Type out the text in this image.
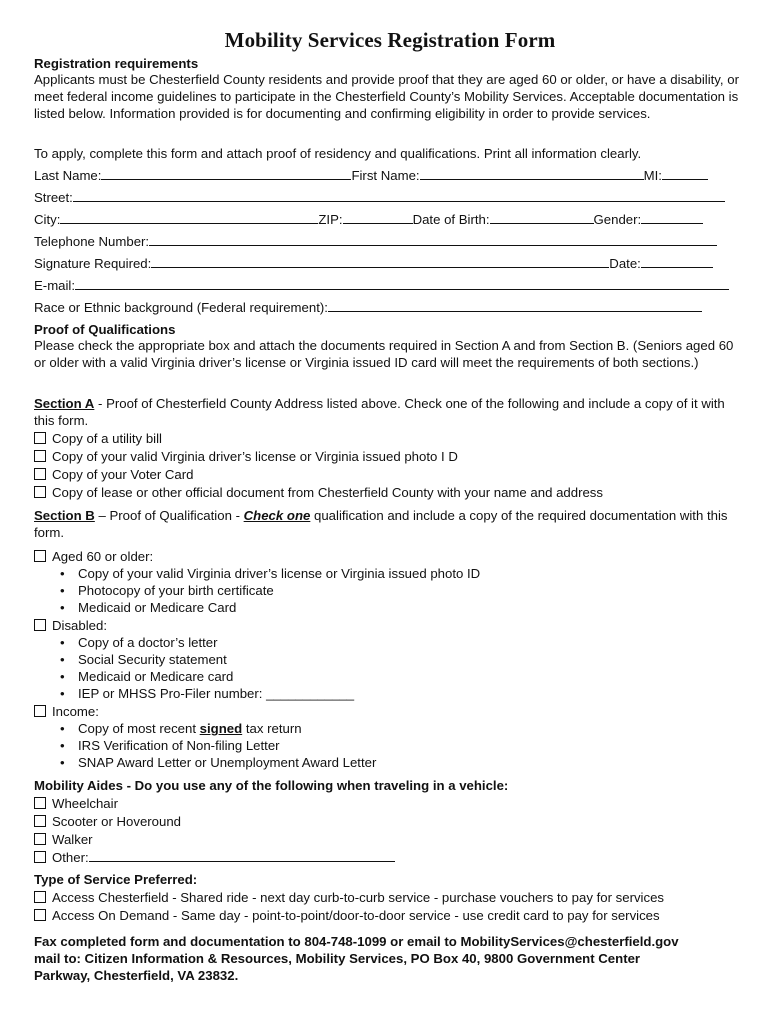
Mobility Services Registration Form
Registration requirements
Applicants must be Chesterfield County residents and provide proof that they are aged 60 or older, or have a disability, or meet federal income guidelines to participate in the Chesterfield County’s Mobility Services. Acceptable documentation is listed below. Information provided is for documenting and confirming eligibility in order to provide services.
To apply, complete this form and attach proof of residency and qualifications. Print all information clearly.
Last Name:	First Name:	MI:
Street:
City:	ZIP:	Date of Birth:	Gender:
Telephone Number:
Signature Required:	Date:
E-mail:
Race or Ethnic background (Federal requirement):
Proof of Qualifications
Please check the appropriate box and attach the documents required in Section A and from Section B. (Seniors aged 60 or older with a valid Virginia driver’s license or Virginia issued ID card will meet the requirements of both sections.)
Section A - Proof of Chesterfield County Address listed above. Check one of the following and include a copy of it with this form.
Copy of a utility bill
Copy of your valid Virginia driver’s license or Virginia issued photo I D
Copy of your Voter Card
Copy of lease or other official document from Chesterfield County with your name and address
Section B – Proof of Qualification - Check one qualification and include a copy of the required documentation with this form.
Aged 60 or older:
• Copy of your valid Virginia driver’s license or Virginia issued photo ID
• Photocopy of your birth certificate
• Medicaid or Medicare Card
Disabled:
• Copy of a doctor’s letter
• Social Security statement
• Medicaid or Medicare card
• IEP or MHSS Pro-Filer number: ____________
Income:
• Copy of most recent signed tax return
• IRS Verification of Non-filing Letter
• SNAP Award Letter or Unemployment Award Letter
Mobility Aides - Do you use any of the following when traveling in a vehicle:
Wheelchair
Scooter or Hoveround
Walker
Other:
Type of Service Preferred:
Access Chesterfield - Shared ride - next day curb-to-curb service - purchase vouchers to pay for services
Access On Demand - Same day - point-to-point/door-to-door service - use credit card to pay for services
Fax completed form and documentation to 804-748-1099 or email to MobilityServices@chesterfield.gov
mail to: Citizen Information & Resources, Mobility Services, PO Box 40, 9800 Government Center
Parkway, Chesterfield, VA 23832.
